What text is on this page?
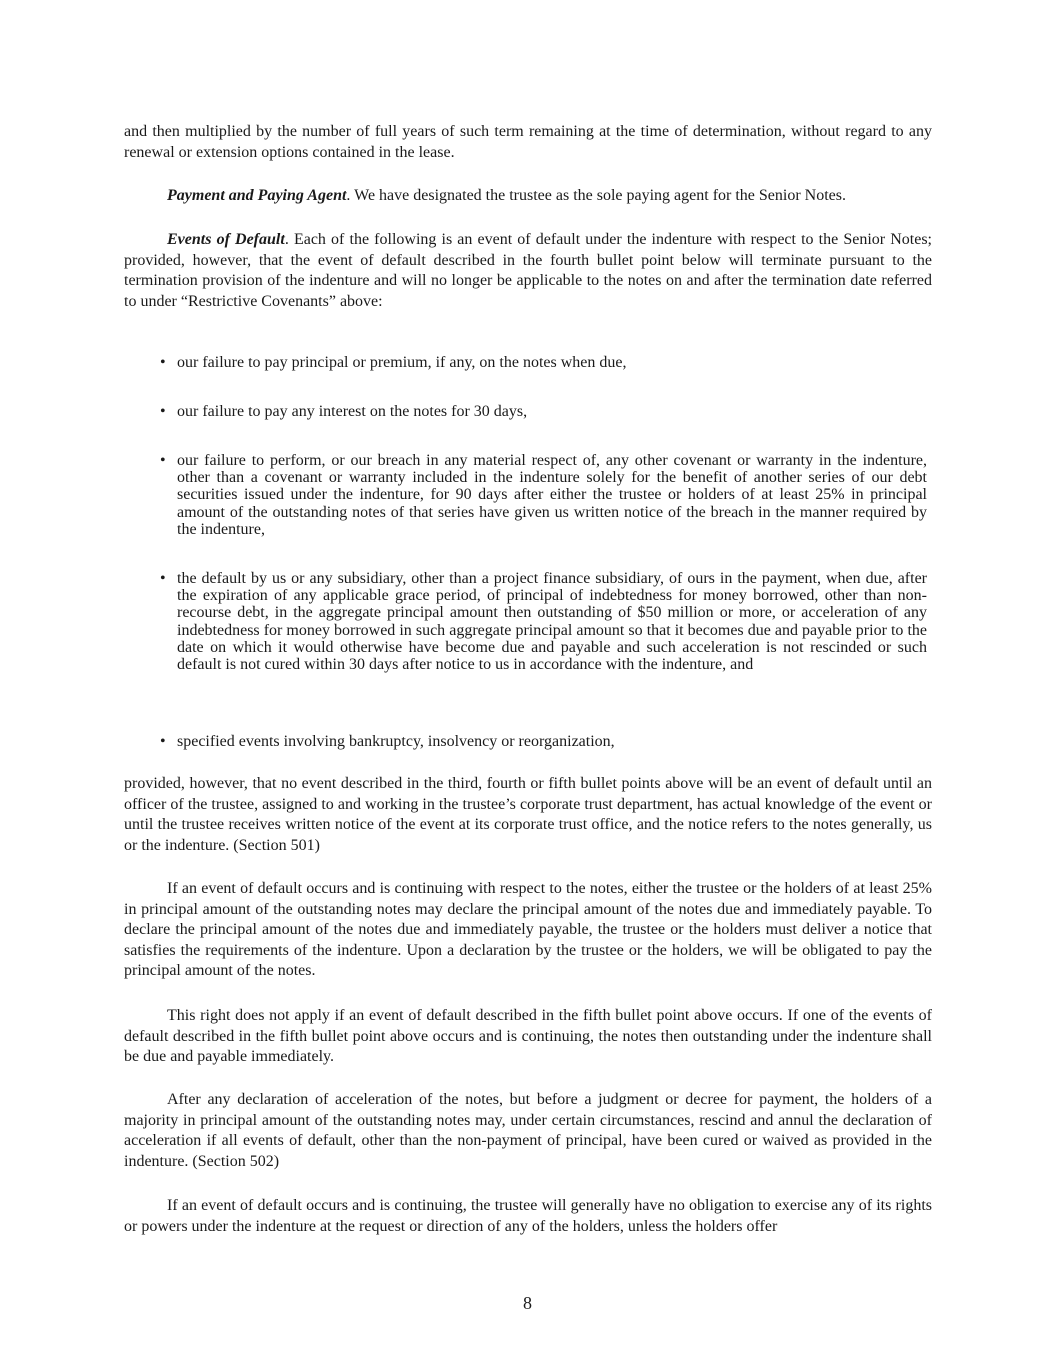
and then multiplied by the number of full years of such term remaining at the time of determination, without regard to any renewal or extension options contained in the lease.

Payment and Paying Agent. We have designated the trustee as the sole paying agent for the Senior Notes.

Events of Default. Each of the following is an event of default under the indenture with respect to the Senior Notes; provided, however, that the event of default described in the fourth bullet point below will terminate pursuant to the termination provision of the indenture and will no longer be applicable to the notes on and after the termination date referred to under “Restrictive Covenants” above:

• our failure to pay principal or premium, if any, on the notes when due,
• our failure to pay any interest on the notes for 30 days,
• our failure to perform, or our breach in any material respect of, any other covenant or warranty in the indenture, other than a covenant or warranty included in the indenture solely for the benefit of another series of our debt securities issued under the indenture, for 90 days after either the trustee or holders of at least 25% in principal amount of the outstanding notes of that series have given us written notice of the breach in the manner required by the indenture,
• the default by us or any subsidiary, other than a project finance subsidiary, of ours in the payment, when due, after the expiration of any applicable grace period, of principal of indebtedness for money borrowed, other than non-recourse debt, in the aggregate principal amount then outstanding of $50 million or more, or acceleration of any indebtedness for money borrowed in such aggregate principal amount so that it becomes due and payable prior to the date on which it would otherwise have become due and payable and such acceleration is not rescinded or such default is not cured within 30 days after notice to us in accordance with the indenture, and
• specified events involving bankruptcy, insolvency or reorganization,

provided, however, that no event described in the third, fourth or fifth bullet points above will be an event of default until an officer of the trustee, assigned to and working in the trustee’s corporate trust department, has actual knowledge of the event or until the trustee receives written notice of the event at its corporate trust office, and the notice refers to the notes generally, us or the indenture. (Section 501)

If an event of default occurs and is continuing with respect to the notes, either the trustee or the holders of at least 25% in principal amount of the outstanding notes may declare the principal amount of the notes due and immediately payable. To declare the principal amount of the notes due and immediately payable, the trustee or the holders must deliver a notice that satisfies the requirements of the indenture. Upon a declaration by the trustee or the holders, we will be obligated to pay the principal amount of the notes.

This right does not apply if an event of default described in the fifth bullet point above occurs. If one of the events of default described in the fifth bullet point above occurs and is continuing, the notes then outstanding under the indenture shall be due and payable immediately.

After any declaration of acceleration of the notes, but before a judgment or decree for payment, the holders of a majority in principal amount of the outstanding notes may, under certain circumstances, rescind and annul the declaration of acceleration if all events of default, other than the non-payment of principal, have been cured or waived as provided in the indenture. (Section 502)

If an event of default occurs and is continuing, the trustee will generally have no obligation to exercise any of its rights or powers under the indenture at the request or direction of any of the holders, unless the holders offer

8
